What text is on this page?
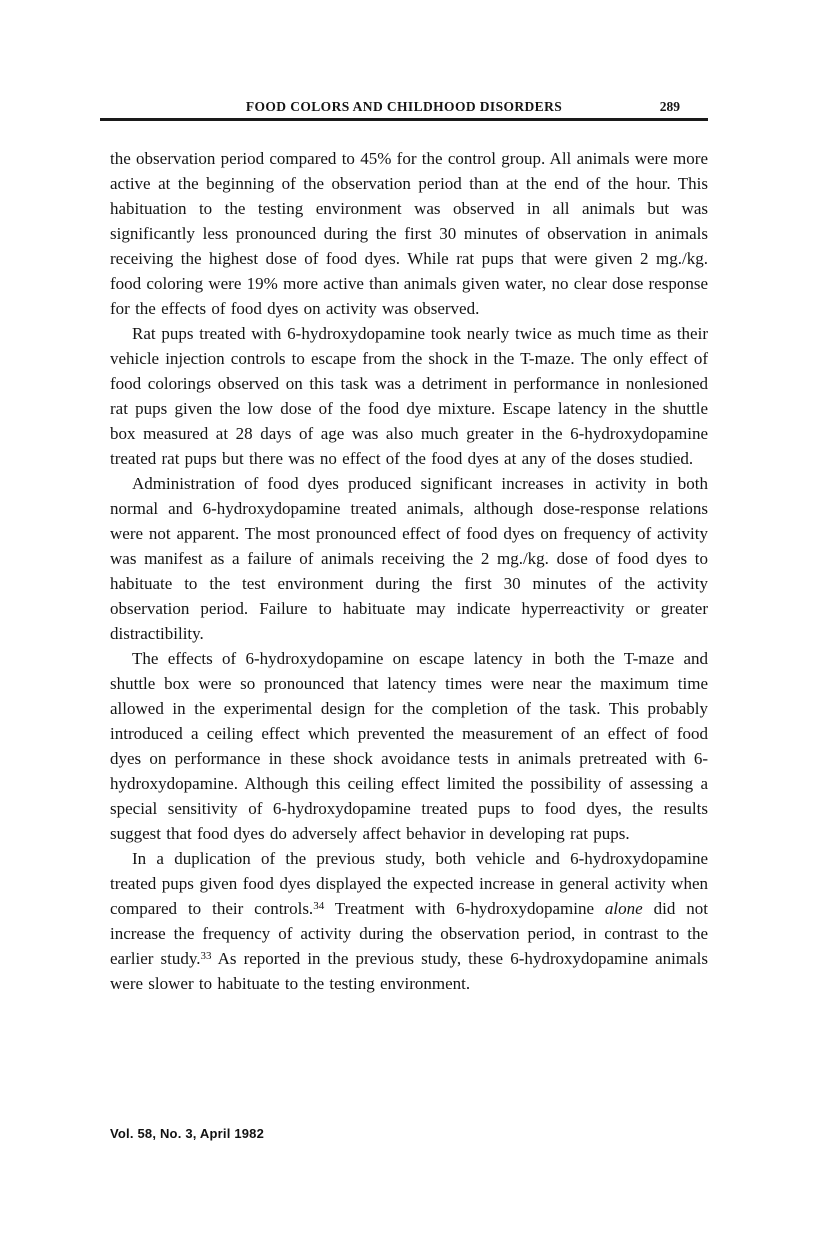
FOOD COLORS AND CHILDHOOD DISORDERS	289

the observation period compared to 45% for the control group. All animals were more active at the beginning of the observation period than at the end of the hour. This habituation to the testing environment was observed in all animals but was significantly less pronounced during the first 30 minutes of observation in animals receiving the highest dose of food dyes. While rat pups that were given 2 mg./kg. food coloring were 19% more active than animals given water, no clear dose response for the effects of food dyes on activity was observed.

Rat pups treated with 6-hydroxydopamine took nearly twice as much time as their vehicle injection controls to escape from the shock in the T-maze. The only effect of food colorings observed on this task was a detriment in performance in nonlesioned rat pups given the low dose of the food dye mixture. Escape latency in the shuttle box measured at 28 days of age was also much greater in the 6-hydroxydopamine treated rat pups but there was no effect of the food dyes at any of the doses studied.

Administration of food dyes produced significant increases in activity in both normal and 6-hydroxydopamine treated animals, although dose-response relations were not apparent. The most pronounced effect of food dyes on frequency of activity was manifest as a failure of animals receiving the 2 mg./kg. dose of food dyes to habituate to the test environment during the first 30 minutes of the activity observation period. Failure to habituate may indicate hyperreactivity or greater distractibility.

The effects of 6-hydroxydopamine on escape latency in both the T-maze and shuttle box were so pronounced that latency times were near the maximum time allowed in the experimental design for the completion of the task. This probably introduced a ceiling effect which prevented the measurement of an effect of food dyes on performance in these shock avoidance tests in animals pretreated with 6-hydroxydopamine. Although this ceiling effect limited the possibility of assessing a special sensitivity of 6-hydroxydopamine treated pups to food dyes, the results suggest that food dyes do adversely affect behavior in developing rat pups.

In a duplication of the previous study, both vehicle and 6-hydroxydopamine treated pups given food dyes displayed the expected increase in general activity when compared to their controls.$^{34}$ Treatment with 6-hydroxydopamine alone did not increase the frequency of activity during the observation period, in contrast to the earlier study.$^{33}$ As reported in the previous study, these 6-hydroxydopamine animals were slower to habituate to the testing environment.

Vol. 58, No. 3, April 1982
